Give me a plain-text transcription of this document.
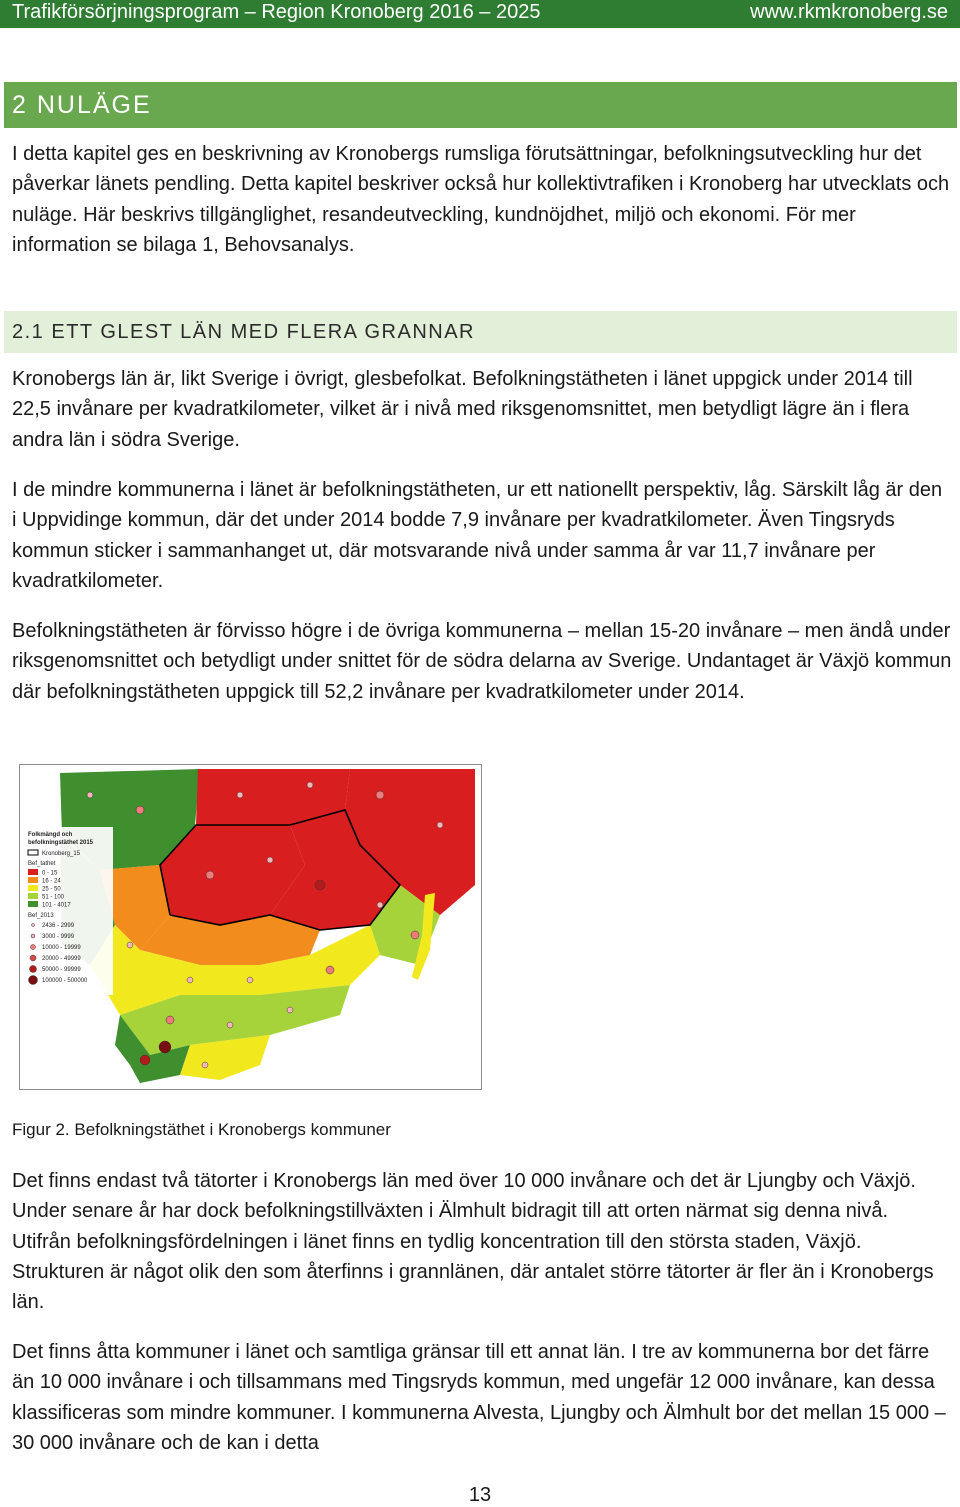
Trafikförsörjningsprogram – Region Kronoberg 2016 – 2025	www.rkmkronoberg.se
2 NULÄGE

I detta kapitel ges en beskrivning av Kronobergs rumsliga förutsättningar, befolkningsutveckling hur det påverkar länets pendling. Detta kapitel beskriver också hur kollektivtrafiken i Kronoberg har utvecklats och nuläge. Här beskrivs tillgänglighet, resandeutveckling, kundnöjdhet, miljö och ekonomi. För mer information se bilaga 1, Behovsanalys.

2.1 ETT GLEST LÄN MED FLERA GRANNAR

Kronobergs län är, likt Sverige i övrigt, glesbefolkat. Befolkningstätheten i länet uppgick under 2014 till 22,5 invånare per kvadratkilometer, vilket är i nivå med riksgenomsnittet, men betydligt lägre än i flera andra län i södra Sverige.

I de mindre kommunerna i länet är befolkningstätheten, ur ett nationellt perspektiv, låg. Särskilt låg är den i Uppvidinge kommun, där det under 2014 bodde 7,9 invånare per kvadratkilometer. Även Tingsryds kommun sticker i sammanhanget ut, där motsvarande nivå under samma år var 11,7 invånare per kvadratkilometer.

Befolkningstätheten är förvisso högre i de övriga kommunerna – mellan 15-20 invånare – men ändå under riksgenomsnittet och betydligt under snittet för de södra delarna av Sverige. Undantaget är Växjö kommun där befolkningstätheten uppgick till 52,2 invånare per kvadratkilometer under 2014.

Folkmängd och
befolkningstäthet 2015
Kronoberg_15
Bef_tathet
0 - 15
16 - 24
25 - 50
51 - 100
101 - 4017
Bef_2013
2436 - 2999
3000 - 9999
10000 - 19999
20000 - 49999
50000 - 99999
100000 - 500000
Figur 2. Befolkningstäthet i Kronobergs kommuner

Det finns endast två tätorter i Kronobergs län med över 10 000 invånare och det är Ljungby och Växjö. Under senare år har dock befolkningstillväxten i Älmhult bidragit till att orten närmat sig denna nivå. Utifrån befolkningsfördelningen i länet finns en tydlig koncentration till den största staden, Växjö. Strukturen är något olik den som återfinns i grannlänen, där antalet större tätorter är fler än i Kronobergs län.

Det finns åtta kommuner i länet och samtliga gränsar till ett annat län. I tre av kommunerna bor det färre än 10 000 invånare i och tillsammans med Tingsryds kommun, med ungefär 12 000 invånare, kan dessa klassificeras som mindre kommuner. I kommunerna Alvesta, Ljungby och Älmhult bor det mellan 15 000 – 30 000 invånare och de kan i detta

13
